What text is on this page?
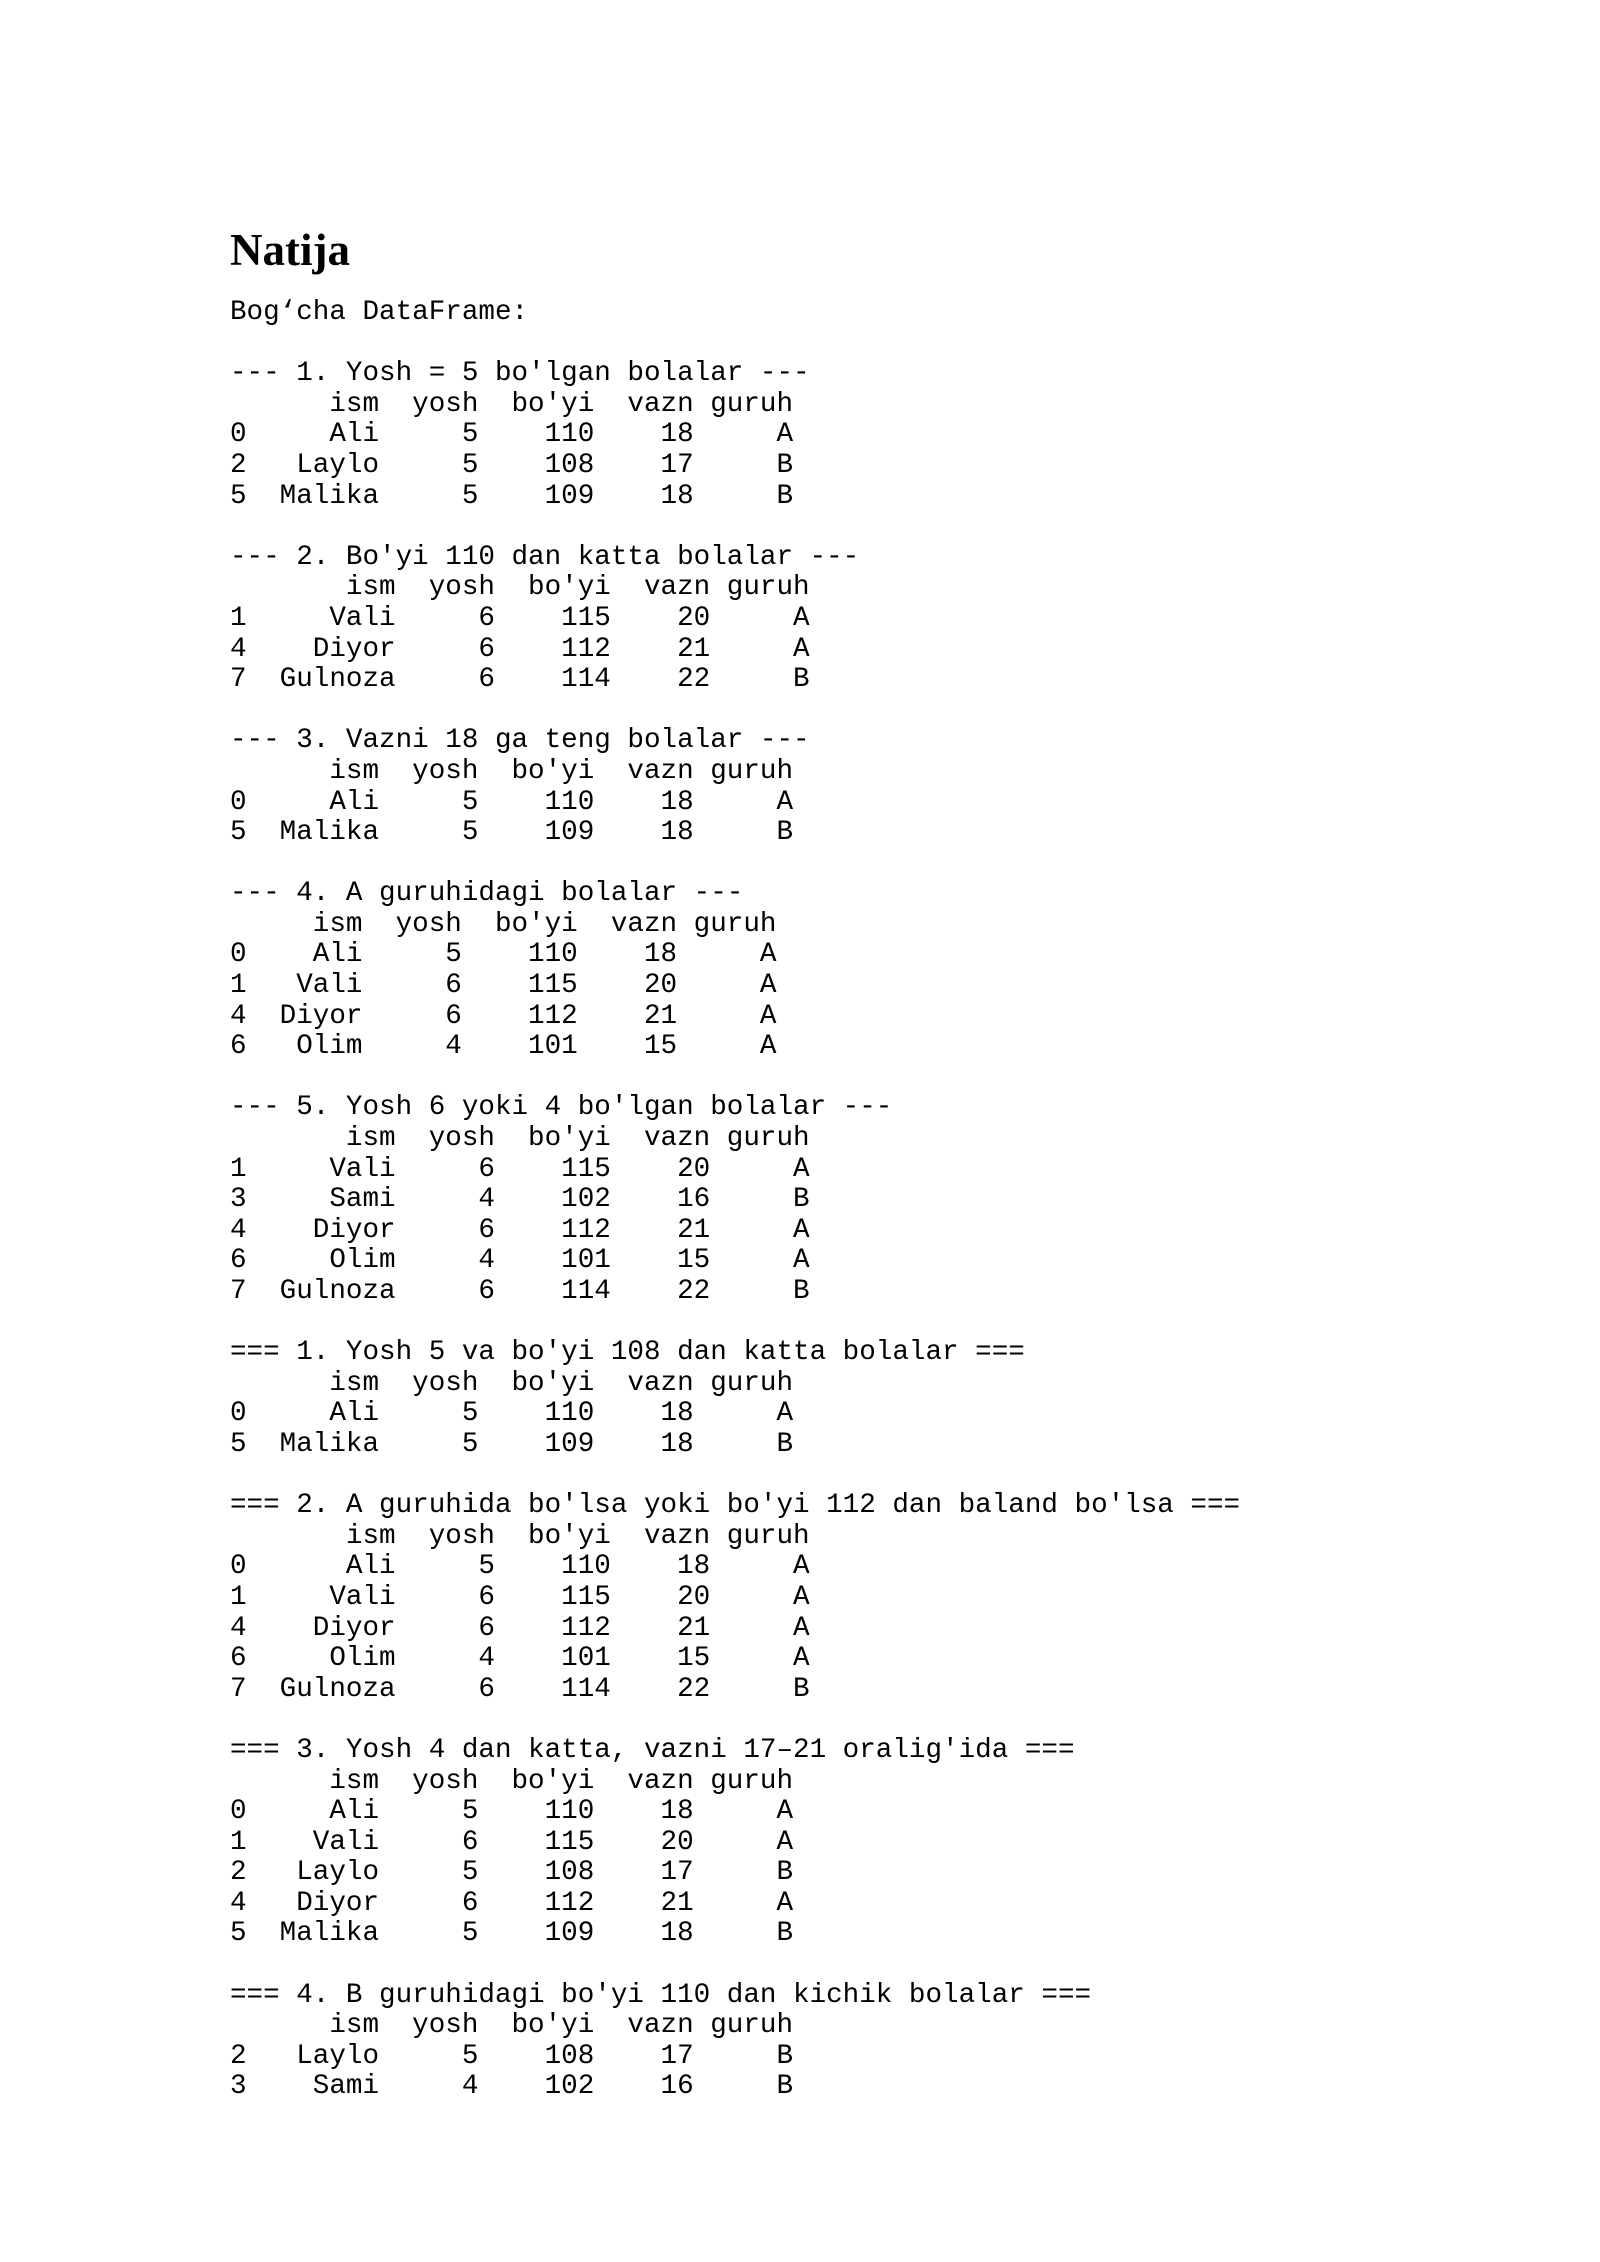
Natija
Bog‘cha DataFrame:
--- 1. Yosh = 5 bo'lgan bolalar ---
ism  yosh  bo'yi  vazn guruh
0     Ali     5    110    18     A
2   Laylo     5    108    17     B
5  Malika     5    109    18     B
--- 2. Bo'yi 110 dan katta bolalar ---
ism  yosh  bo'yi  vazn guruh
1     Vali     6    115    20     A
4    Diyor     6    112    21     A
7  Gulnoza     6    114    22     B
--- 3. Vazni 18 ga teng bolalar ---
ism  yosh  bo'yi  vazn guruh
0     Ali     5    110    18     A
5  Malika     5    109    18     B
--- 4. A guruhidagi bolalar ---
ism  yosh  bo'yi  vazn guruh
0    Ali     5    110    18     A
1   Vali     6    115    20     A
4  Diyor     6    112    21     A
6   Olim     4    101    15     A
--- 5. Yosh 6 yoki 4 bo'lgan bolalar ---
ism  yosh  bo'yi  vazn guruh
1     Vali     6    115    20     A
3     Sami     4    102    16     B
4    Diyor     6    112    21     A
6     Olim     4    101    15     A
7  Gulnoza     6    114    22     B
=== 1. Yosh 5 va bo'yi 108 dan katta bolalar ===
ism  yosh  bo'yi  vazn guruh
0     Ali     5    110    18     A
5  Malika     5    109    18     B
=== 2. A guruhida bo'lsa yoki bo'yi 112 dan baland bo'lsa ===
ism  yosh  bo'yi  vazn guruh
0      Ali     5    110    18     A
1     Vali     6    115    20     A
4    Diyor     6    112    21     A
6     Olim     4    101    15     A
7  Gulnoza     6    114    22     B
=== 3. Yosh 4 dan katta, vazni 17–21 oralig'ida ===
ism  yosh  bo'yi  vazn guruh
0     Ali     5    110    18     A
1    Vali     6    115    20     A
2   Laylo     5    108    17     B
4   Diyor     6    112    21     A
5  Malika     5    109    18     B
=== 4. B guruhidagi bo'yi 110 dan kichik bolalar ===
ism  yosh  bo'yi  vazn guruh
2   Laylo     5    108    17     B
3    Sami     4    102    16     B
